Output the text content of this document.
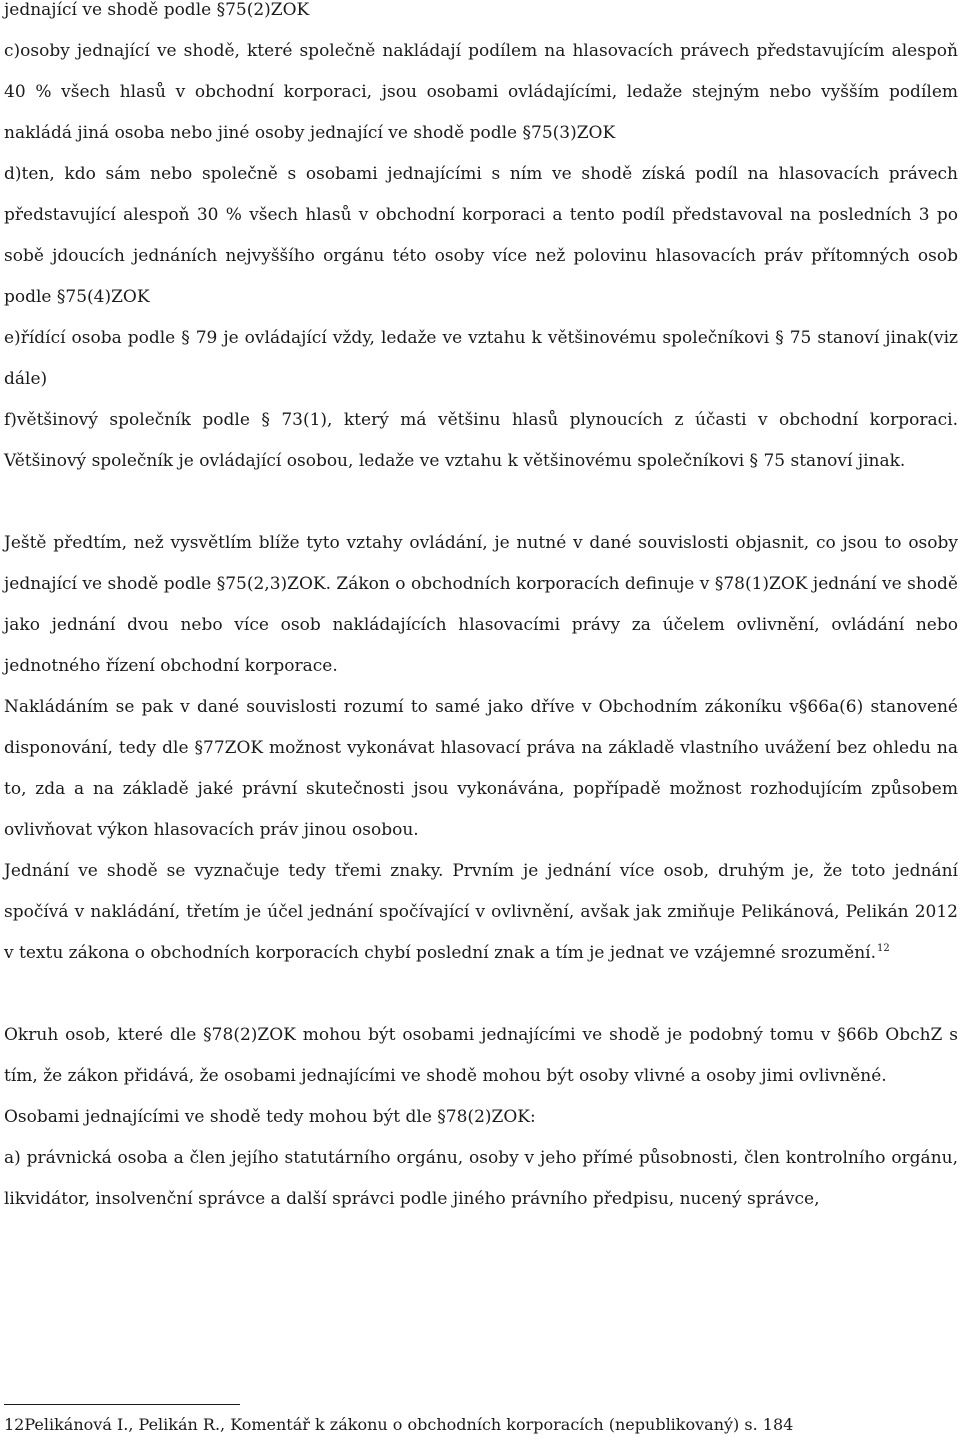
jednající ve shodě podle §75(2)ZOK

c)osoby jednající ve shodě, které společně nakládají podílem na hlasovacích právech představujícím alespoň 40 % všech hlasů v obchodní korporaci, jsou osobami ovládajícími, ledaže stejným nebo vyšším podílem nakládá jiná osoba nebo jiné osoby jednající ve shodě podle §75(3)ZOK

d)ten, kdo sám nebo společně s osobami jednajícími s ním ve shodě získá podíl na hlasovacích právech představující alespoň 30 % všech hlasů v obchodní korporaci a tento podíl představoval na posledních 3 po sobě jdoucích jednáních nejvyššího orgánu této osoby více než polovinu hlasovacích práv přítomných osob podle §75(4)ZOK

e)řídící osoba podle § 79 je ovládající vždy, ledaže ve vztahu k většinovému společníkovi § 75 stanoví jinak(viz dále)

f)většinový společník podle § 73(1), který má většinu hlasů plynoucích z účasti v obchodní korporaci. Většinový společník je ovládající osobou, ledaže ve vztahu k většinovému společníkovi § 75 stanoví jinak.

Ještě předtím, než vysvětlím blíže tyto vztahy ovládání, je nutné v dané souvislosti objasnit, co jsou to osoby jednající ve shodě podle §75(2,3)ZOK. Zákon o obchodních korporacích definuje v §78(1)ZOK jednání ve shodě jako jednání dvou nebo více osob nakládajících hlasovacími právy za účelem ovlivnění, ovládání nebo jednotného řízení obchodní korporace.

Nakládáním se pak v dané souvislosti rozumí to samé jako dříve v Obchodním zákoníku v§66a(6) stanovené disponování, tedy dle §77ZOK možnost vykonávat hlasovací práva na základě vlastního uvážení bez ohledu na to, zda a na základě jaké právní skutečnosti jsou vykonávána, popřípadě možnost rozhodujícím způsobem ovlivňovat výkon hlasovacích práv jinou osobou.

Jednání ve shodě se vyznačuje tedy třemi znaky. Prvním je jednání více osob, druhým je, že toto jednání spočívá v nakládání, třetím je účel jednání spočívající v ovlivnění, avšak jak zmiňuje Pelikánová, Pelikán 2012 v textu zákona o obchodních korporacích chybí poslední znak a tím je jednat ve vzájemné srozumění.$^{12}$

Okruh osob, které dle §78(2)ZOK mohou být osobami jednajícími ve shodě je podobný tomu v §66b ObchZ s tím, že zákon přidává, že osobami jednajícími ve shodě mohou být osoby vlivné a osoby jimi ovlivněné.

Osobami jednajícími ve shodě tedy mohou být dle §78(2)ZOK:

a) právnická osoba a člen jejího statutárního orgánu, osoby v jeho přímé působnosti, člen kontrolního orgánu, likvidátor, insolvenční správce a další správci podle jiného právního předpisu, nucený správce,

12Pelikánová I., Pelikán R., Komentář k zákonu o obchodních korporacích (nepublikovaný) s. 184
